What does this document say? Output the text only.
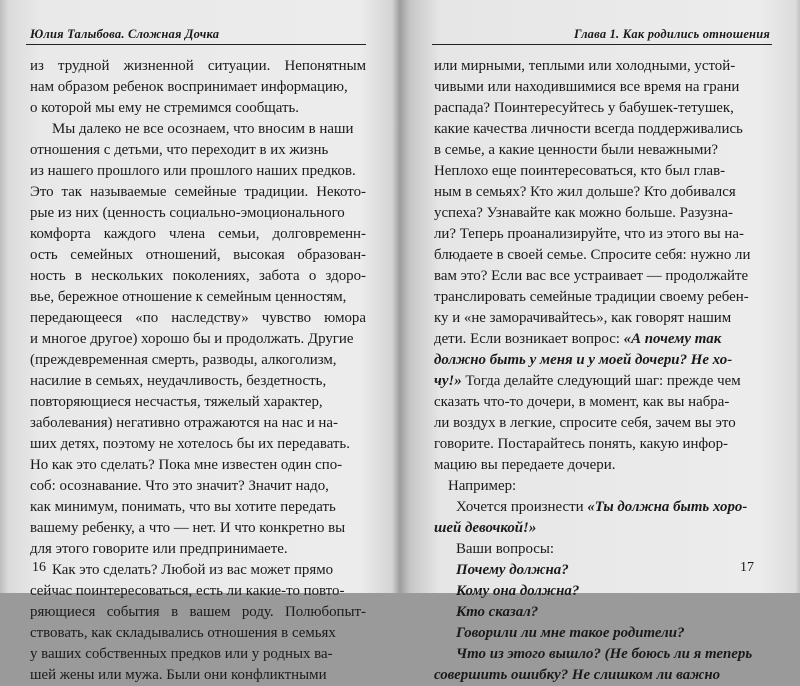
Юлия Талыбова. Сложная Дочка
из трудной жизненной ситуации. Непонятным
нам образом ребенок воспринимает информацию,
о которой мы ему не стремимся сообщать.
Мы далеко не все осознаем, что вносим в наши
отношения с детьми, что переходит в их жизнь
из нашего прошлого или прошлого наших предков.
Это так называемые семейные традиции. Некото-
рые из них (ценность социально-эмоционального
комфорта каждого члена семьи, долговременн-
ость семейных отношений, высокая образован-
ность в нескольких поколениях, забота о здоро-
вье, бережное отношение к семейным ценностям,
передающееся «по наследству» чувство юмора
и многое другое) хорошо бы и продолжать. Другие
(преждевременная смерть, разводы, алкоголизм,
насилие в семьях, неудачливость, бездетность,
повторяющиеся несчастья, тяжелый характер,
заболевания) негативно отражаются на нас и на-
ших детях, поэтому не хотелось бы их передавать.
Но как это сделать? Пока мне известен один спо-
соб: осознавание. Что это значит? Значит надо,
как минимум, понимать, что вы хотите передать
вашему ребенку, а что — нет. И что конкретно вы
для этого говорите или предпринимаете.
Как это сделать? Любой из вас может прямо
сейчас поинтересоваться, есть ли какие-то повто-
ряющиеся события в вашем роду. Полюбопыт-
ствовать, как складывались отношения в семьях
у ваших собственных предков или у родных ва-
шей жены или мужа. Были они конфликтными
16
Глава 1. Как родились отношения
или мирными, теплыми или холодными, устой-
чивыми или находившимися все время на грани
распада? Поинтересуйтесь у бабушек-тетушек,
какие качества личности всегда поддерживались
в семье, а какие ценности были неважными?
Неплохо еще поинтересоваться, кто был глав-
ным в семьях? Кто жил дольше? Кто добивался
успеха? Узнавайте как можно больше. Разузна-
ли? Теперь проанализируйте, что из этого вы на-
блюдаете в своей семье. Спросите себя: нужно ли
вам это? Если вас все устраивает — продолжайте
транслировать семейные традиции своему ребен-
ку и «не заморачивайтесь», как говорят нашим
дети. Если возникает вопрос: «А почему так
должно быть у меня и у моей дочери? Не хо-
чу!» Тогда делайте следующий шаг: прежде чем
сказать что-то дочери, в момент, как вы набра-
ли воздух в легкие, спросите себя, зачем вы это
говорите. Постарайтесь понять, какую инфор-
мацию вы передаете дочери.
Например:
Хочется произнести «Ты должна быть хоро-
шей девочкой!»
Ваши вопросы:
Почему должна?
Кому она должна?
Кто сказал?
Говорили ли мне такое родители?
Что из этого вышло? (Не боюсь ли я теперь
совершить ошибку? Не слишком ли важно
17
